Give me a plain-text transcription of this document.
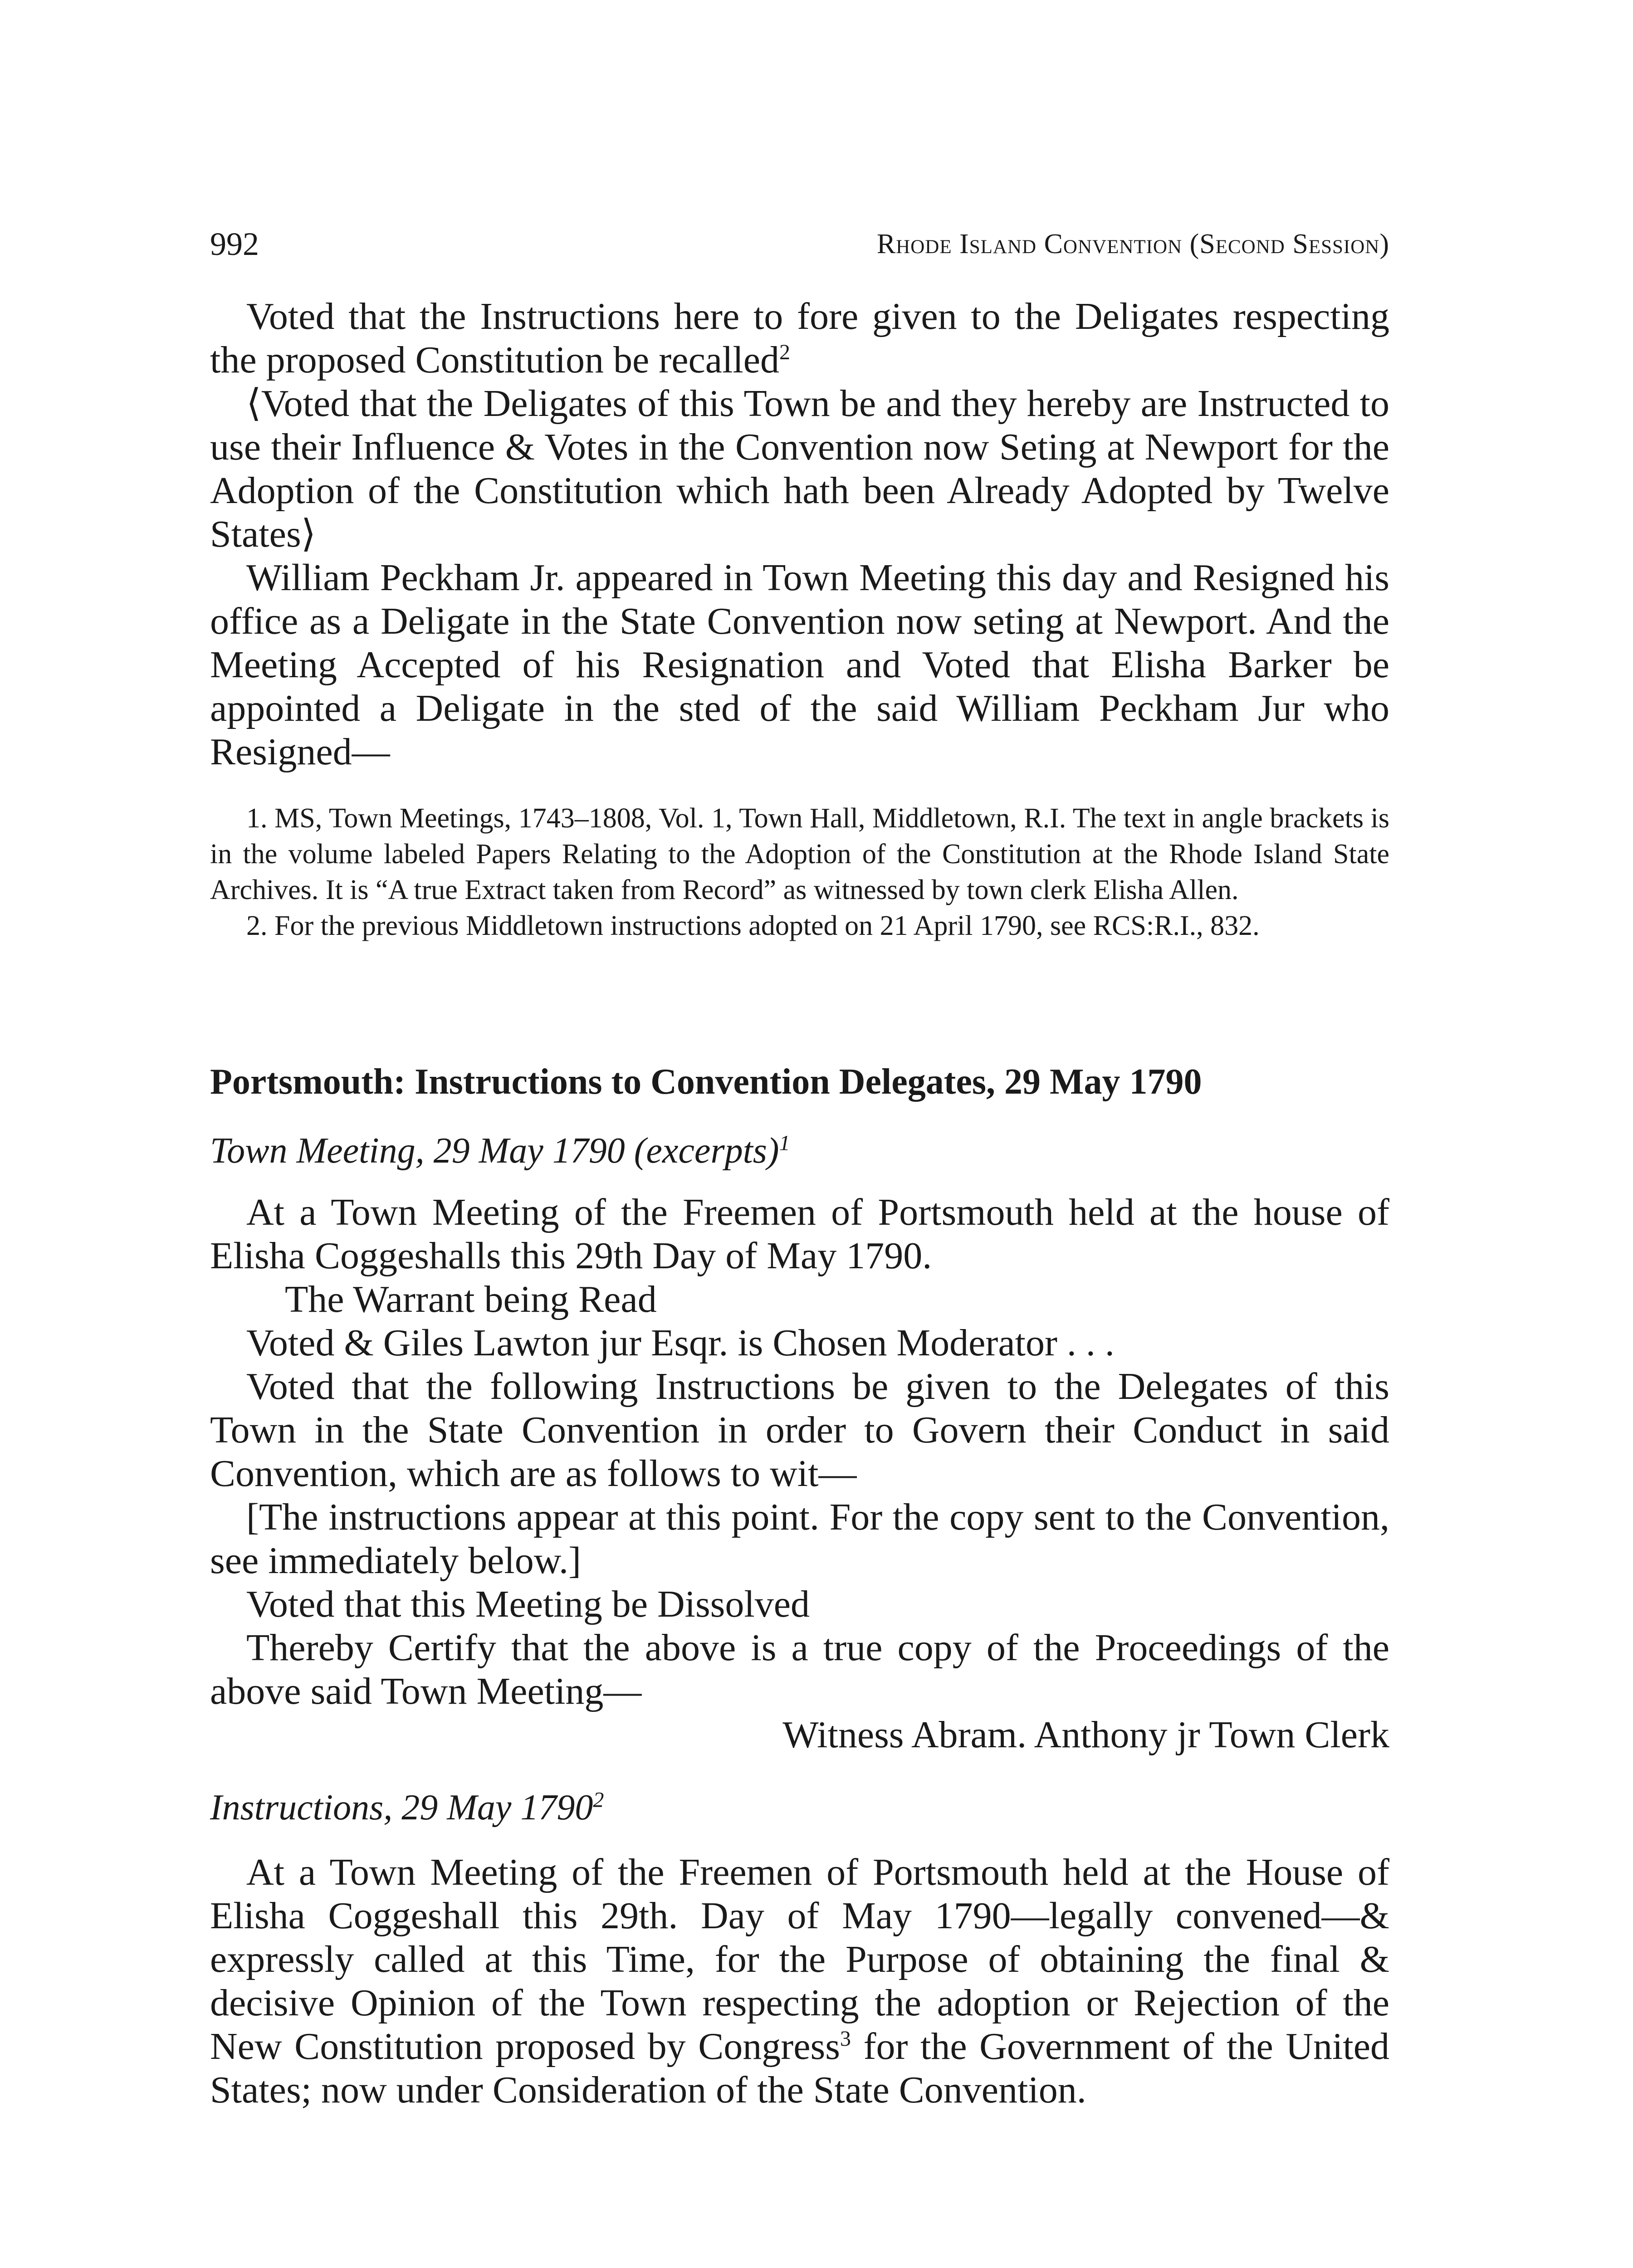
992	Rhode Island Convention (Second Session)

Voted that the Instructions here to fore given to the Deligates respecting the proposed Constitution be recalled$^2$

⟨Voted that the Deligates of this Town be and they hereby are Instructed to use their Influence & Votes in the Convention now Seting at Newport for the Adoption of the Constitution which hath been Already Adopted by Twelve States⟩

William Peckham Jr. appeared in Town Meeting this day and Resigned his office as a Deligate in the State Convention now seting at Newport. And the Meeting Accepted of his Resignation and Voted that Elisha Barker be appointed a Deligate in the sted of the said William Peckham Jur who Resigned—

1. MS, Town Meetings, 1743–1808, Vol. 1, Town Hall, Middletown, R.I. The text in angle brackets is in the volume labeled Papers Relating to the Adoption of the Constitution at the Rhode Island State Archives. It is “A true Extract taken from Record” as witnessed by town clerk Elisha Allen.

2. For the previous Middletown instructions adopted on 21 April 1790, see RCS:R.I., 832.

Portsmouth: Instructions to Convention Delegates, 29 May 1790

Town Meeting, 29 May 1790 (excerpts)$^1$

At a Town Meeting of the Freemen of Portsmouth held at the house of Elisha Coggeshalls this 29th Day of May 1790.

The Warrant being Read

Voted & Giles Lawton jur Esqr. is Chosen Moderator . . .

Voted that the following Instructions be given to the Delegates of this Town in the State Convention in order to Govern their Conduct in said Convention, which are as follows to wit—

[The instructions appear at this point. For the copy sent to the Convention, see immediately below.]

Voted that this Meeting be Dissolved

Thereby Certify that the above is a true copy of the Proceedings of the above said Town Meeting—

Witness Abram. Anthony jr Town Clerk

Instructions, 29 May 1790$^2$

At a Town Meeting of the Freemen of Portsmouth held at the House of Elisha Coggeshall this 29th. Day of May 1790—legally convened—& expressly called at this Time, for the Purpose of obtaining the final & decisive Opinion of the Town respecting the adoption or Rejection of the New Constitution proposed by Congress$^3$ for the Government of the United States; now under Consideration of the State Convention.
